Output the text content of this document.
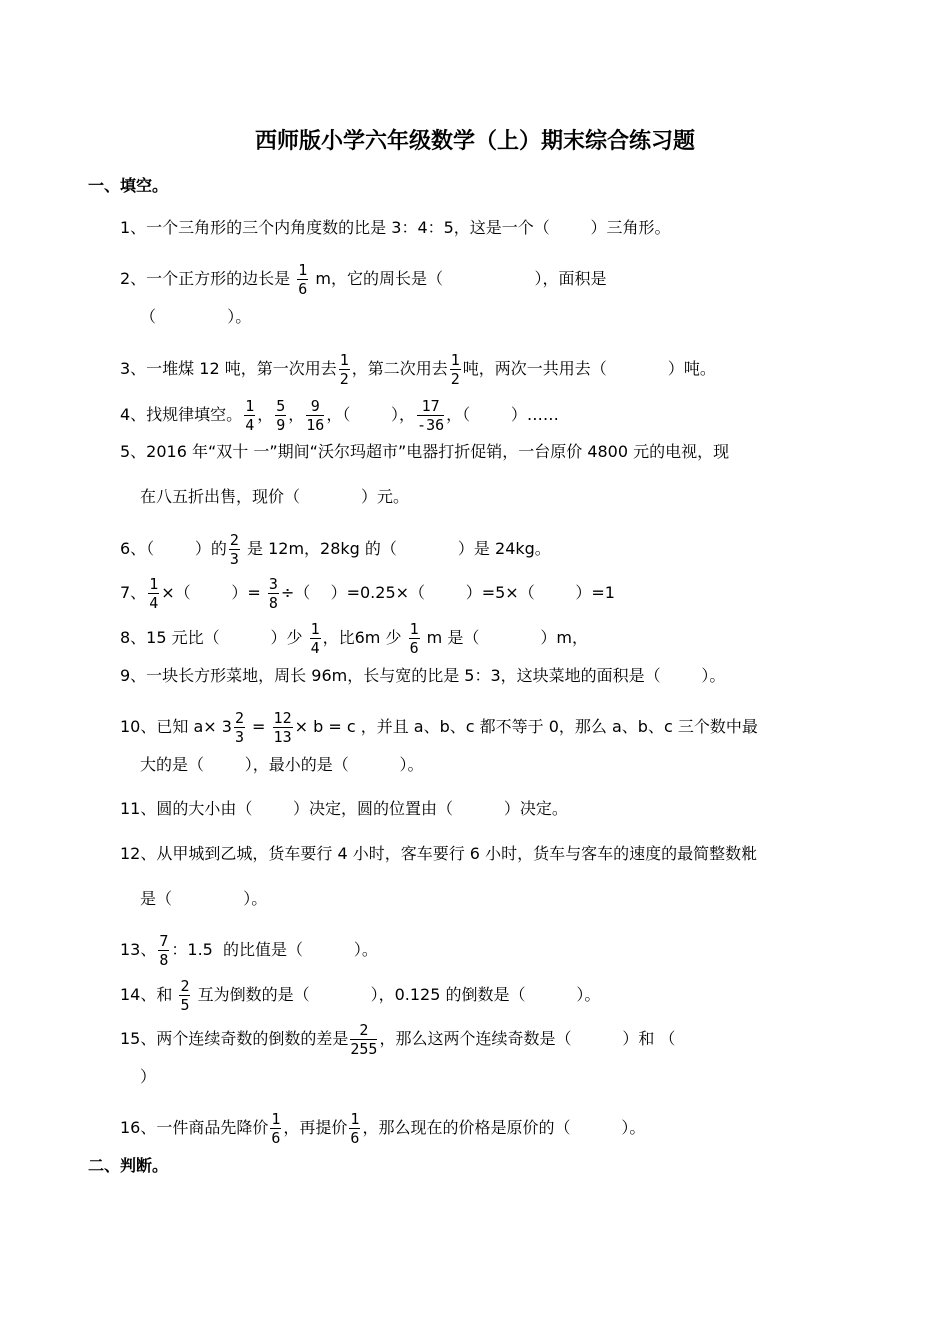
西师版小学六年级数学（上）期末综合练习题
一、填空。
1、一个三角形的三个内角度数的比是 3：4：5，这是一个（        ）三角形。
2、一个正方形的边长是 $\frac{1}{6}$ m，它的周长是（                  ），面积是
（              ）。
3、一堆煤 12 吨，第一次用去 $\frac{1}{2}$ ，第二次用去 $\frac{1}{2}$ 吨，两次一共用去（            ）吨。
4、找规律填空。 $\frac{1}{4}$ ， $\frac{5}{9}$ ， $\frac{9}{16}$ ，（        ）， $\frac{17}{-36}$ ，（        ）……
5、2016 年“双十 一”期间“沃尔玛超市”电器打折促销，一台原价 4800 元的电视，现
在八五折出售，现价（            ）元。
6、（        ）的 $\frac{2}{3}$ 是 12m，28kg 的（            ）是 24kg。
7、 $\frac{1}{4}$ ×（        ）= $\frac{3}{8}$ ÷（    ）=0.25×（        ）=5×（        ）=1
8、15 元比（          ）少 $\frac{1}{4}$ ，比6m 少 $\frac{1}{6}$ m 是（            ）m，
9、一块长方形菜地，周长 96m，长与宽的比是 5：3，这块菜地的面积是（        ）。
10、已知 $a\times 3 \frac{2}{3} = \frac{12}{13} \times b = c$ ，并且 a、b、c 都不等于 0，那么 a、b、c 三个数中最
大的是（        ），最小的是（          ）。
11、圆的大小由（        ）决定，圆的位置由（          ）决定。
12、从甲城到乙城，货车要行 4 小时，客车要行 6 小时，货车与客车的速度的最简整数粃
是（              ）。
13、 $\frac{7}{8}$ ：1.5  的比值是（          ）。
14、和 $\frac{2}{5}$ 互为倒数的是（            ），0.125 的倒数是（          ）。
15、两个连续奇数的倒数的差是 $\frac{2}{255}$ ，那么这两个连续奇数是（          ）和 （
）
16、一件商品先降价 $\frac{1}{6}$ ，再提价 $\frac{1}{6}$ ，那么现在的价格是原价的（          ）。
二、判断。
